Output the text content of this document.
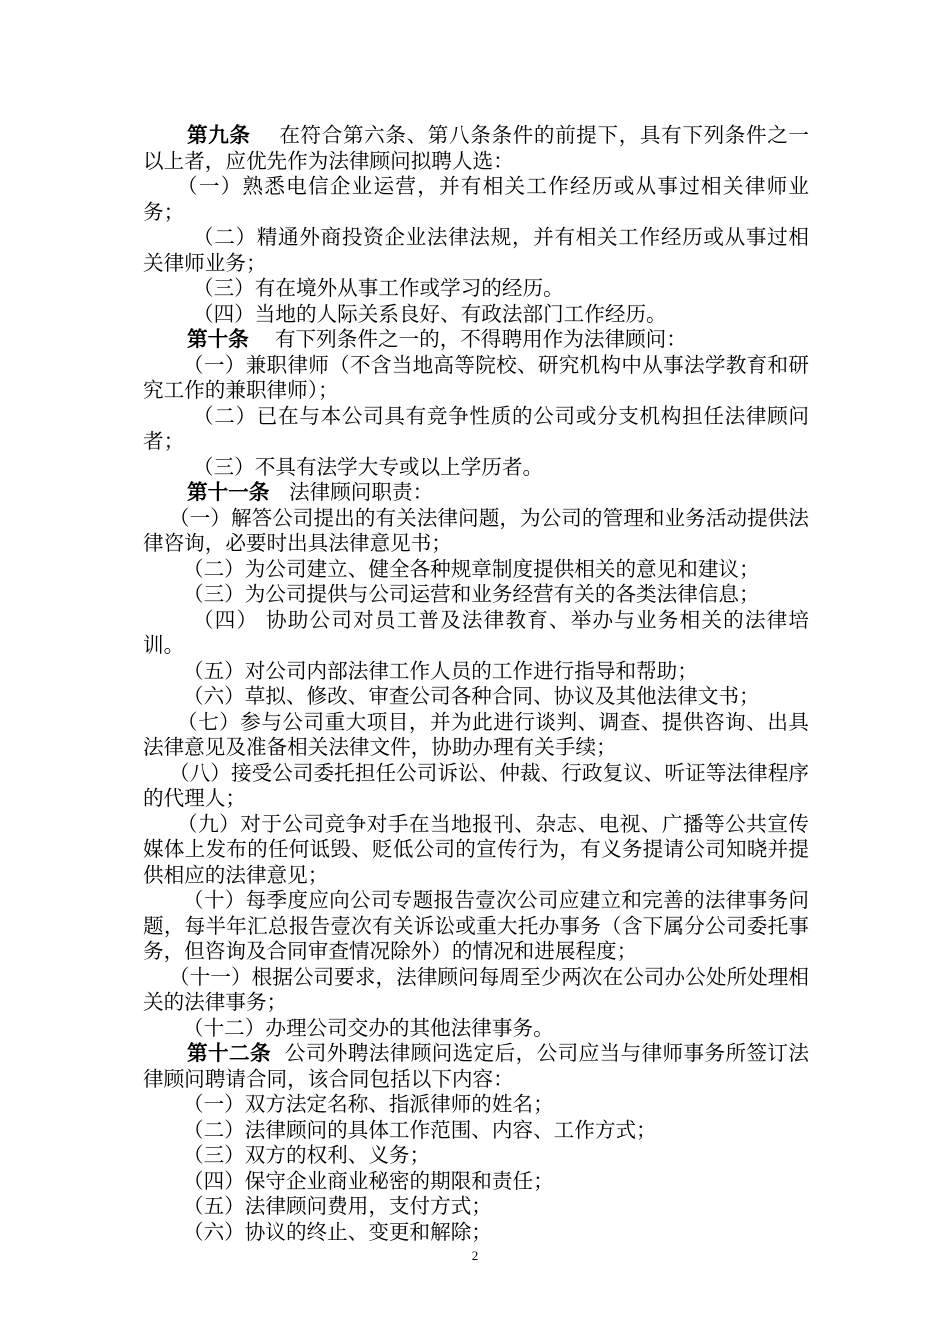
第九条 在符合第六条、第八条条件的前提下，具有下列条件之一以上者，应优先作为法律顾问拟聘人选：

（一）熟悉电信企业运营，并有相关工作经历或从事过相关律师业务；

（二）精通外商投资企业法律法规，并有相关工作经历或从事过相关律师业务；

（三）有在境外从事工作或学习的经历。

（四）当地的人际关系良好、有政法部门工作经历。

第十条 有下列条件之一的，不得聘用作为法律顾问：

（一）兼职律师（不含当地高等院校、研究机构中从事法学教育和研究工作的兼职律师）；

（二）已在与本公司具有竞争性质的公司或分支机构担任法律顾问者；

（三）不具有法学大专或以上学历者。

第十一条 法律顾问职责：

（一）解答公司提出的有关法律问题，为公司的管理和业务活动提供法律咨询，必要时出具法律意见书；

（二）为公司建立、健全各种规章制度提供相关的意见和建议；

（三）为公司提供与公司运营和业务经营有关的各类法律信息；

（四） 协助公司对员工普及法律教育、举办与业务相关的法律培训。

（五）对公司内部法律工作人员的工作进行指导和帮助；

（六）草拟、修改、审查公司各种合同、协议及其他法律文书；

（七）参与公司重大项目，并为此进行谈判、调查、提供咨询、出具法律意见及准备相关法律文件，协助办理有关手续；

（八）接受公司委托担任公司诉讼、仲裁、行政复议、听证等法律程序的代理人；

（九）对于公司竞争对手在当地报刊、杂志、电视、广播等公共宣传媒体上发布的任何诋毁、贬低公司的宣传行为，有义务提请公司知晓并提供相应的法律意见；

（十）每季度应向公司专题报告壹次公司应建立和完善的法律事务问题，每半年汇总报告壹次有关诉讼或重大托办事务（含下属分公司委托事务，但咨询及合同审查情况除外）的情况和进展程度；

（十一）根据公司要求，法律顾问每周至少两次在公司办公处所处理相关的法律事务；

（十二）办理公司交办的其他法律事务。

第十二条 公司外聘法律顾问选定后，公司应当与律师事务所签订法律顾问聘请合同，该合同包括以下内容：

（一）双方法定名称、指派律师的姓名；

（二）法律顾问的具体工作范围、内容、工作方式；

（三）双方的权利、义务；

（四）保守企业商业秘密的期限和责任；

（五）法律顾问费用，支付方式；

（六）协议的终止、变更和解除；

2
